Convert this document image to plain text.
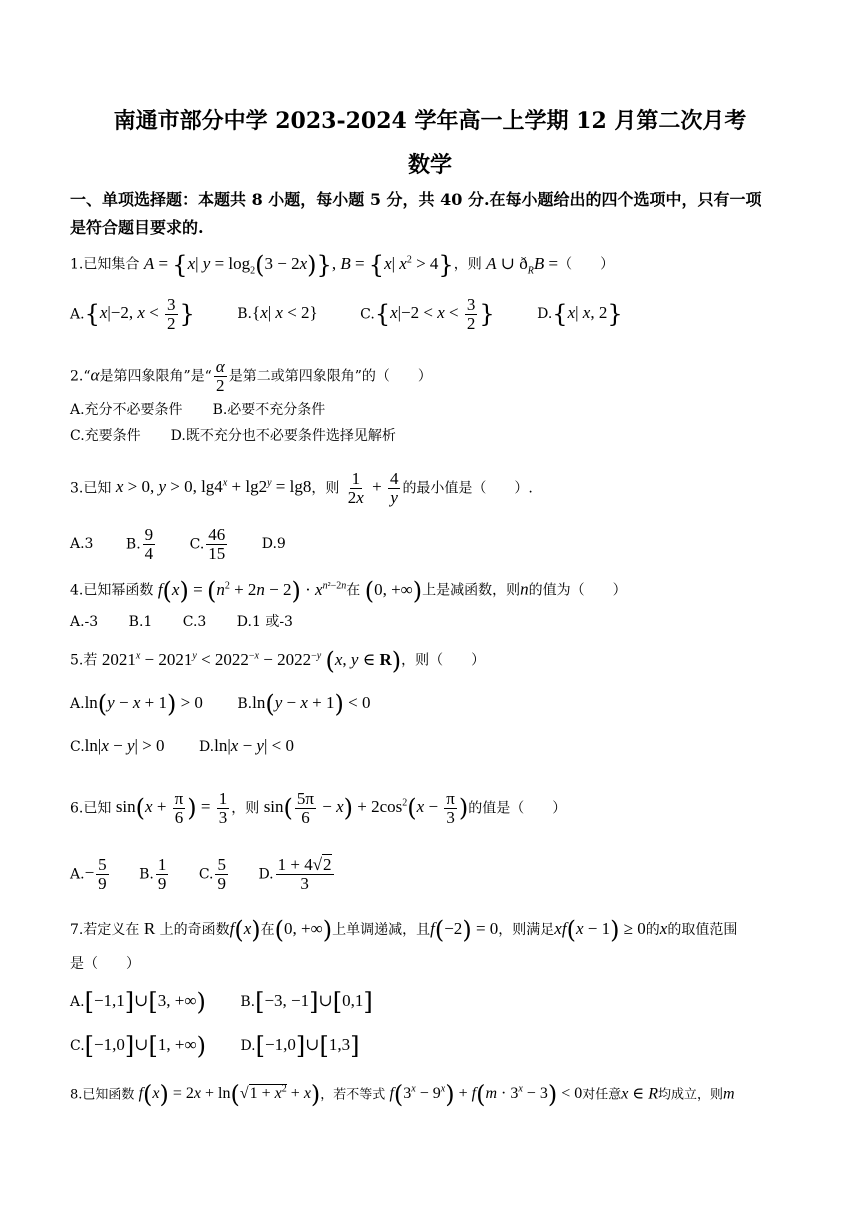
南通市部分中学 2023-2024 学年高一上学期 12 月第二次月考
数学
一、单项选择题：本题共 8 小题，每小题 5 分，共 40 分.在每小题给出的四个选项中，只有一项
是符合题目要求的.
1.已知集合 A = {x| $y = \log_2(3 - 2x)$}, B = {x| $x^2 > 4$}，则 A ∪ $ð_RB$ =（　　）
A.{x|−2, $x < \frac{3}{2}$ }	B.{x| x < 2}	$C.\{x|-2 < x < \frac{3}{2}$ }	D.{x| x, 2}
2.“α是第四象限角”是“ $\frac{\alpha}{2}$ 是第二或第四象限角”的（　　）
A.充分不必要条件 B.必要不充分条件
C.充要条件 D.既不充分也不必要条件选择见解析
3.已知 x > 0, y > 0, $\lg 4^x + \lg 2^y = \lg 8$，则 $\frac{1}{2x} + \frac{4}{y}$ 的最小值是（　　）.
A.3 B. $\frac{9}{4} C$. $\frac{46}{15} D.9$
4.已知幂函数 $f(x) = (n^2 + 2n - 2) \cdot x^{n^2-2n}$在 (0, +∞)上是减函数，则n的值为（　　）
A.-3 B.1 C.3 D.1 或-3
5.若 $2021^x - 2021^y < 2022^{-x} - 2022^{-y}$ (x, y ∈ R)，则（　　）
A.ln(y − x + 1) > 0 B.ln(y − x + 1) < 0
C.ln|x − y| > 0 D.ln|x − y| < 0
6.已知 $\sin(x + \frac{\pi}{6}$ ) = $\frac{1}{3}$ ，则 $\sin( \frac{5\pi}{6} - x) + 2\cos^2(x - \frac{\pi}{3}$ )的值是（　　）
$A.- \frac{5}{9} B$. $\frac{1}{9} C$. $\frac{5}{9} D$. $\frac{1 + 4√2}{3}$
7.若定义在 R 上的奇函数f(x)在(0, +∞)上单调递减，且f(−2) = 0，则满足xf(x − 1) ≥ 0的x的取值范围
是（　　）
A.[−1,1]∪[3, +∞) B.[−3, −1]∪[0,1]
C.[−1,0]∪[1, +∞) D.[−1,0]∪[1,3]
8.已知函数 $f(x) = 2x + \ln(√1 + x^2 + x)$，若不等式 $f(3^x - 9^x) + f(m \cdot 3^x - 3) < 0$对任意x ∈ R均成立，则m
